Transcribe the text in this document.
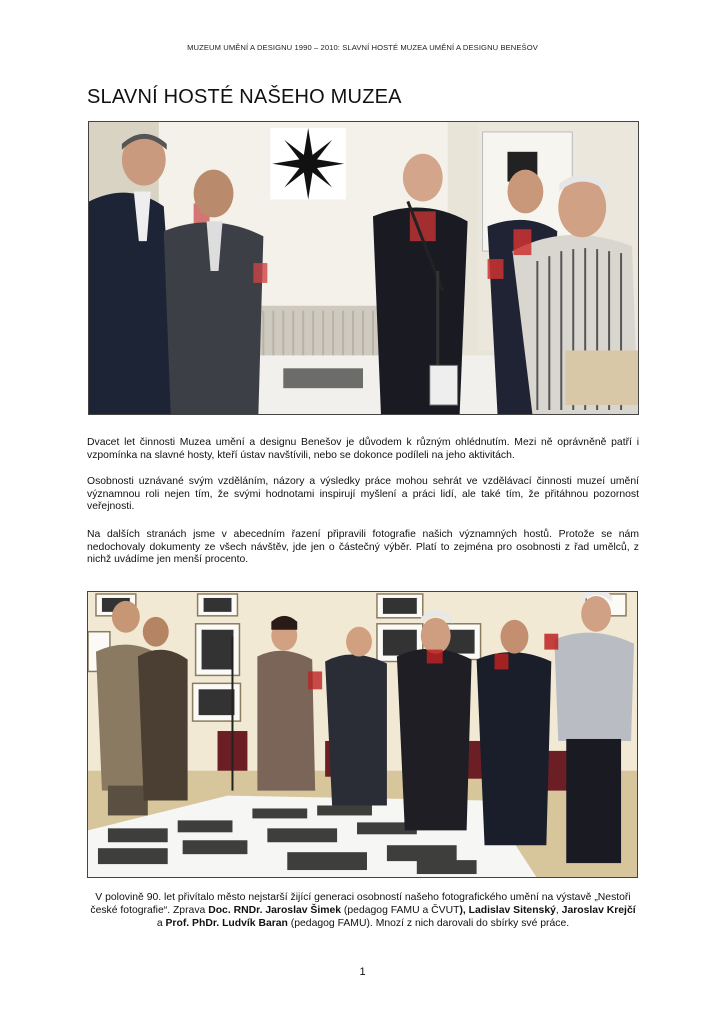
MUZEUM UMĚNÍ A DESIGNU 1990 – 2010: SLAVNÍ HOSTÉ MUZEA UMĚNÍ A DESIGNU BENEŠOV
SLAVNÍ HOSTÉ NAŠEHO MUZEA

Dvacet let činnosti Muzea umění a designu Benešov je důvodem k různým ohlédnutím. Mezi ně oprávněně patří i vzpomínka na slavné hosty, kteří ústav navštívili, nebo se dokonce podíleli na jeho aktivitách.

Osobnosti uznávané svým vzděláním, názory a výsledky práce mohou sehrát ve vzdělávací činnosti muzeí umění významnou roli nejen tím, že svými hodnotami inspirují myšlení a práci lidí, ale také tím, že přitáhnou pozornost veřejnosti.

Na dalších stranách jsme v abecedním řazení připravili fotografie našich významných hostů. Protože se nám nedochovaly dokumenty ze všech návštěv, jde jen o částečný výběr. Platí to zejména pro osobnosti z řad umělců, z nichž uvádíme jen menší procento.

V polovině 90. let přivítalo město nejstarší žijící generaci osobností našeho fotografického umění na výstavě „Nestoři české fotografie“. Zprava Doc. RNDr. Jaroslav Šimek (pedagog FAMU a ČVUT), Ladislav Sitenský, Jaroslav Krejčí a Prof. PhDr. Ludvík Baran (pedagog FAMU). Mnozí z nich darovali do sbírky své práce.

1
